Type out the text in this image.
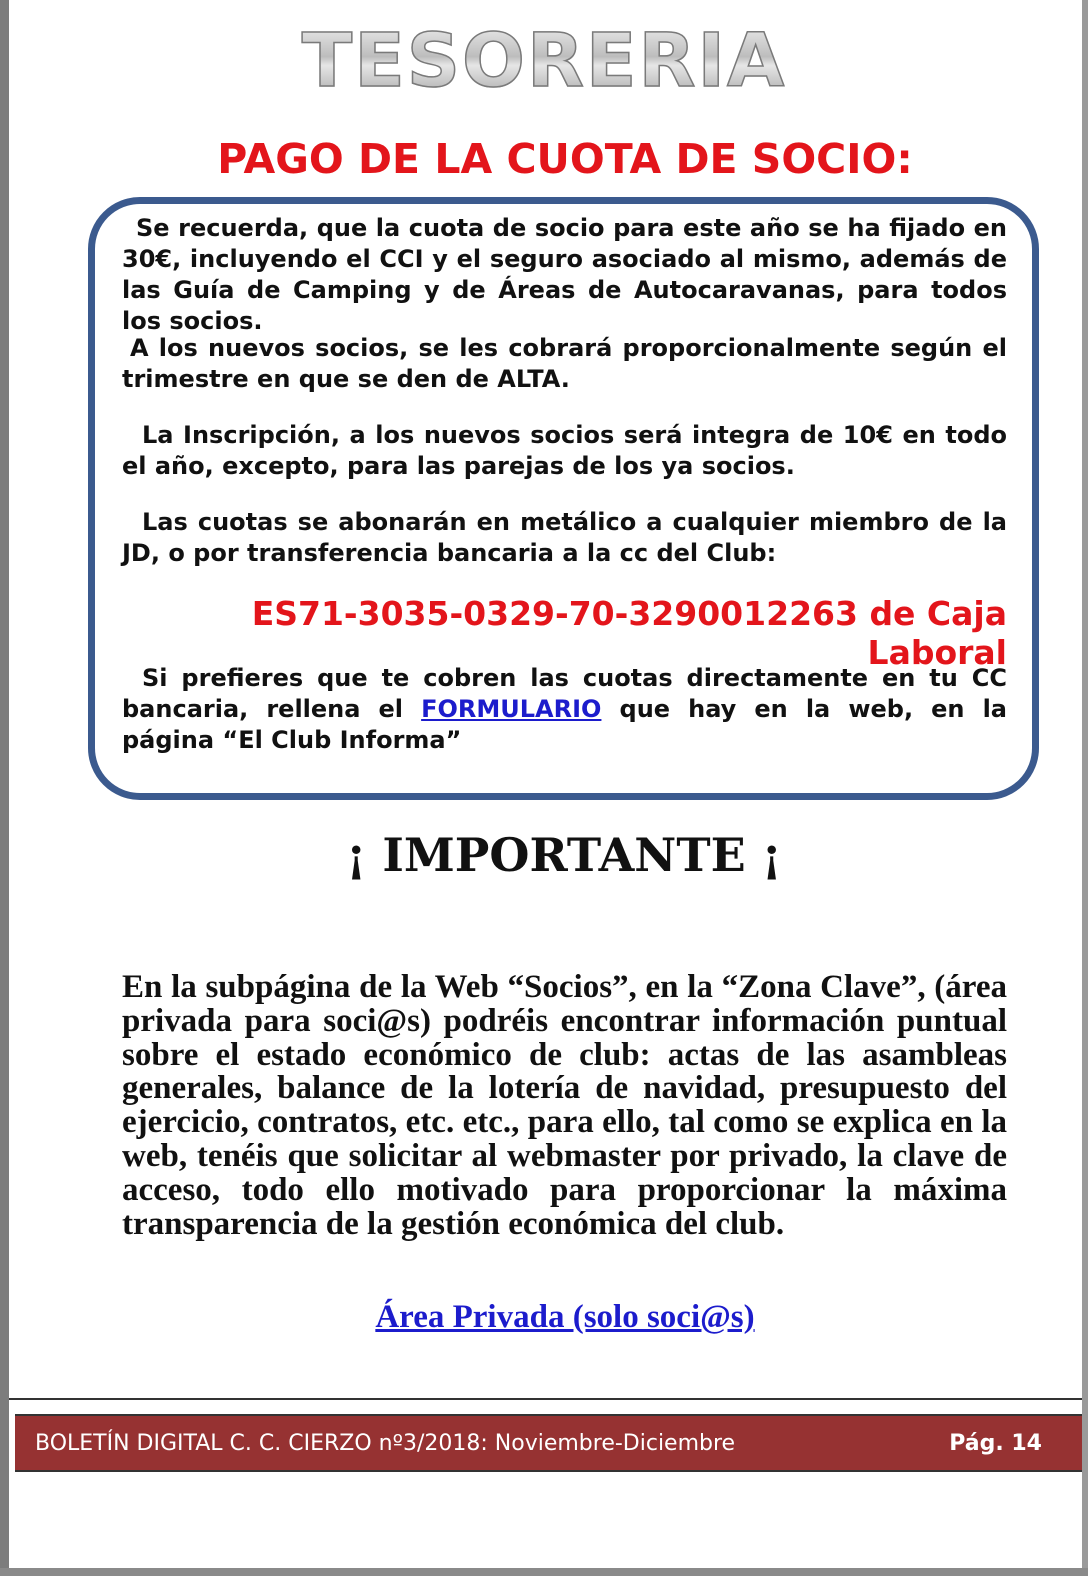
TESORERIA
PAGO DE LA CUOTA DE SOCIO:

Se recuerda, que la cuota de socio para este año se ha fijado en 30€, incluyendo el CCI y el seguro asociado al mismo, además de las Guía de Camping y de Áreas de Autocaravanas, para todos los socios.

A los nuevos socios, se les cobrará proporcionalmente según el trimestre en que se den de ALTA.

La Inscripción, a los nuevos socios será integra de 10€ en todo el año, excepto, para las parejas de los ya socios.

Las cuotas se abonarán en metálico a cualquier miembro de la JD, o por transferencia bancaria a la cc del Club:

ES71-3035-0329-70-3290012263 de Caja Laboral

Si prefieres que te cobren las cuotas directamente en tu CC bancaria, rellena el FORMULARIO que hay en la web, en la página “El Club Informa”

¡ IMPORTANTE ¡

En la subpágina de la Web “Socios”, en la “Zona Clave”, (área privada para soci@s) podréis encontrar información puntual sobre el estado económico de club: actas de las asambleas generales, balance de la lotería de navidad, presupuesto del ejercicio, contratos, etc. etc., para ello, tal como se explica en la web, tenéis que solicitar al webmaster por privado, la clave de acceso, todo ello motivado para proporcionar la máxima transparencia de la gestión económica del club.

Área Privada (solo soci@s)
BOLETÍN DIGITAL C. C. CIERZO nº3/2018: Noviembre-Diciembre	Pág. 14
